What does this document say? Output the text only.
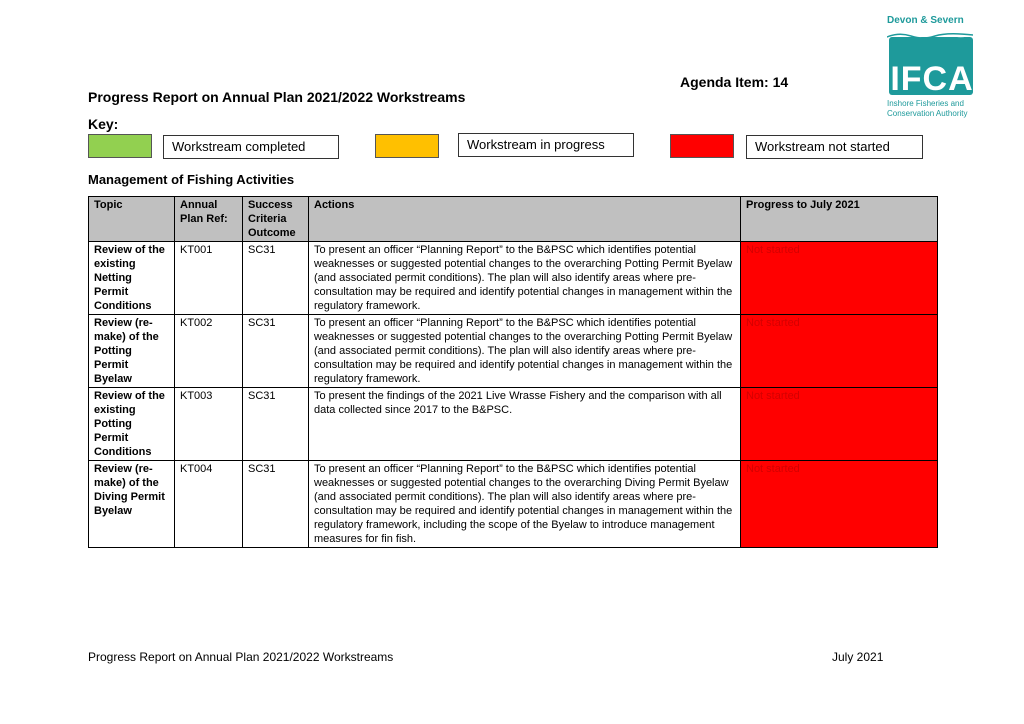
Devon & Severn
IFCA
Inshore Fisheries and
Conservation Authority
Agenda Item: 14
Progress Report on Annual Plan 2021/2022 Workstreams
Key:
Workstream completed	Workstream in progress	Workstream not started
Management of Fishing Activities
Topic	Annual Plan Ref:	Success Criteria Outcome	Actions	Progress to July 2021
Review of the existing Netting Permit Conditions	KT001	SC31	To present an officer “Planning Report” to the B&PSC which identifies potential weaknesses or suggested potential changes to the overarching Potting Permit Byelaw (and associated permit conditions). The plan will also identify areas where pre-consultation may be required and identify potential changes in management within the regulatory framework.	Not started
Review (re-make) of the Potting Permit Byelaw	KT002	SC31	To present an officer “Planning Report” to the B&PSC which identifies potential weaknesses or suggested potential changes to the overarching Potting Permit Byelaw (and associated permit conditions). The plan will also identify areas where pre-consultation may be required and identify potential changes in management within the regulatory framework.	Not started
Review of the existing Potting Permit Conditions	KT003	SC31	To present the findings of the 2021 Live Wrasse Fishery and the comparison with all data collected since 2017 to the B&PSC.	Not started
Review (re-make) of the Diving Permit Byelaw	KT004	SC31	To present an officer “Planning Report” to the B&PSC which identifies potential weaknesses or suggested potential changes to the overarching Diving Permit Byelaw (and associated permit conditions). The plan will also identify areas where pre-consultation may be required and identify potential changes in management within the regulatory framework, including the scope of the Byelaw to introduce management measures for fin fish.	Not started
Progress Report on Annual Plan 2021/2022 Workstreams	July 2021
